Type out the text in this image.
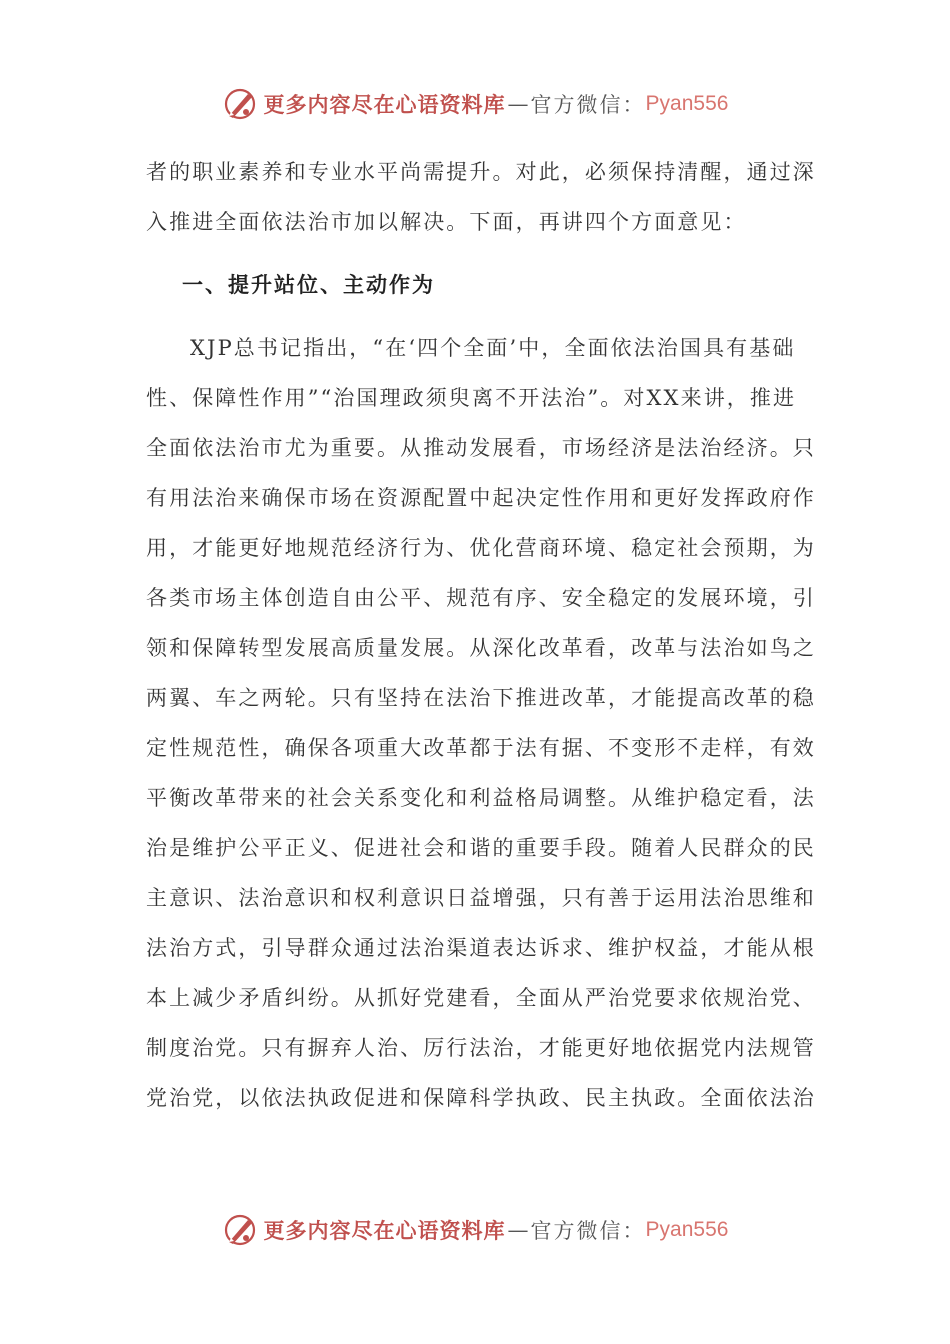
更多内容尽在心语资料库 — 官方微信： Pyan556
者的职业素养和专业水平尚需提升。对此，必须保持清醒，通过深
入推进全面依法治市加以解决。下面，再讲四个方面意见：
一、提升站位、主动作为
XJP总书记指出，“在‘四个全面’中，全面依法治国具有基础
性、保障性作用”“治国理政须臾离不开法治”。对XX来讲，推进
全面依法治市尤为重要。从推动发展看，市场经济是法治经济。只
有用法治来确保市场在资源配置中起决定性作用和更好发挥政府作
用，才能更好地规范经济行为、优化营商环境、稳定社会预期，为
各类市场主体创造自由公平、规范有序、安全稳定的发展环境，引
领和保障转型发展高质量发展。从深化改革看，改革与法治如鸟之
两翼、车之两轮。只有坚持在法治下推进改革，才能提高改革的稳
定性规范性，确保各项重大改革都于法有据、不变形不走样，有效
平衡改革带来的社会关系变化和利益格局调整。从维护稳定看，法
治是维护公平正义、促进社会和谐的重要手段。随着人民群众的民
主意识、法治意识和权利意识日益增强，只有善于运用法治思维和
法治方式，引导群众通过法治渠道表达诉求、维护权益，才能从根
本上减少矛盾纠纷。从抓好党建看，全面从严治党要求依规治党、
制度治党。只有摒弃人治、厉行法治，才能更好地依据党内法规管
党治党，以依法执政促进和保障科学执政、民主执政。全面依法治
更多内容尽在心语资料库 — 官方微信： Pyan556
